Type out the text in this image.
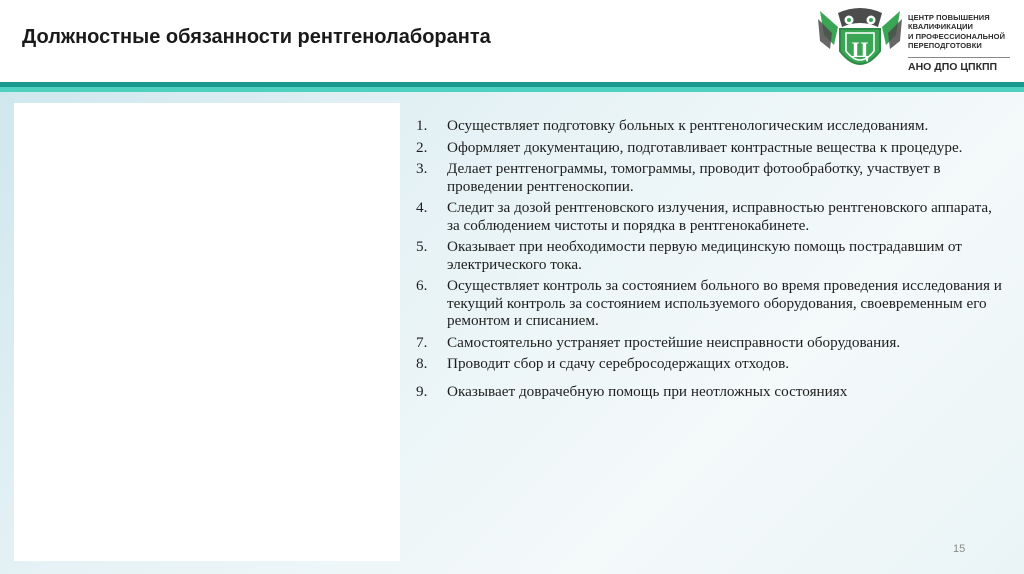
Должностные обязанности рентгенолаборанта	Ц
ЦЕНТР ПОВЫШЕНИЯ
КВАЛИФИКАЦИИ
И ПРОФЕССИОНАЛЬНОЙ
ПЕРЕПОДГОТОВКИ
АНО ДПО ЦПКПП
1.	Осуществляет подготовку больных к рентгенологическим исследованиям.
2.	Оформляет документацию, подготавливает контрастные вещества к процедуре.
3.	Делает рентгенограммы, томограммы, проводит фотообработку, участвует в проведении рентгеноскопии.
4.	Следит за дозой рентгеновского излучения, исправностью рентгеновского аппарата, за соблюдением чистоты и порядка в рентгенокабинете.
5.	Оказывает при необходимости первую медицинскую помощь пострадавшим от электрического тока.
6.	Осуществляет контроль за состоянием больного во время проведения исследования и текущий контроль за состоянием используемого оборудования, своевременным его ремонтом и списанием.
7.	Самостоятельно устраняет простейшие неисправности оборудования.
8.	Проводит сбор и сдачу серебросодержащих отходов.
9.	Оказывает доврачебную помощь при неотложных состояниях
15
